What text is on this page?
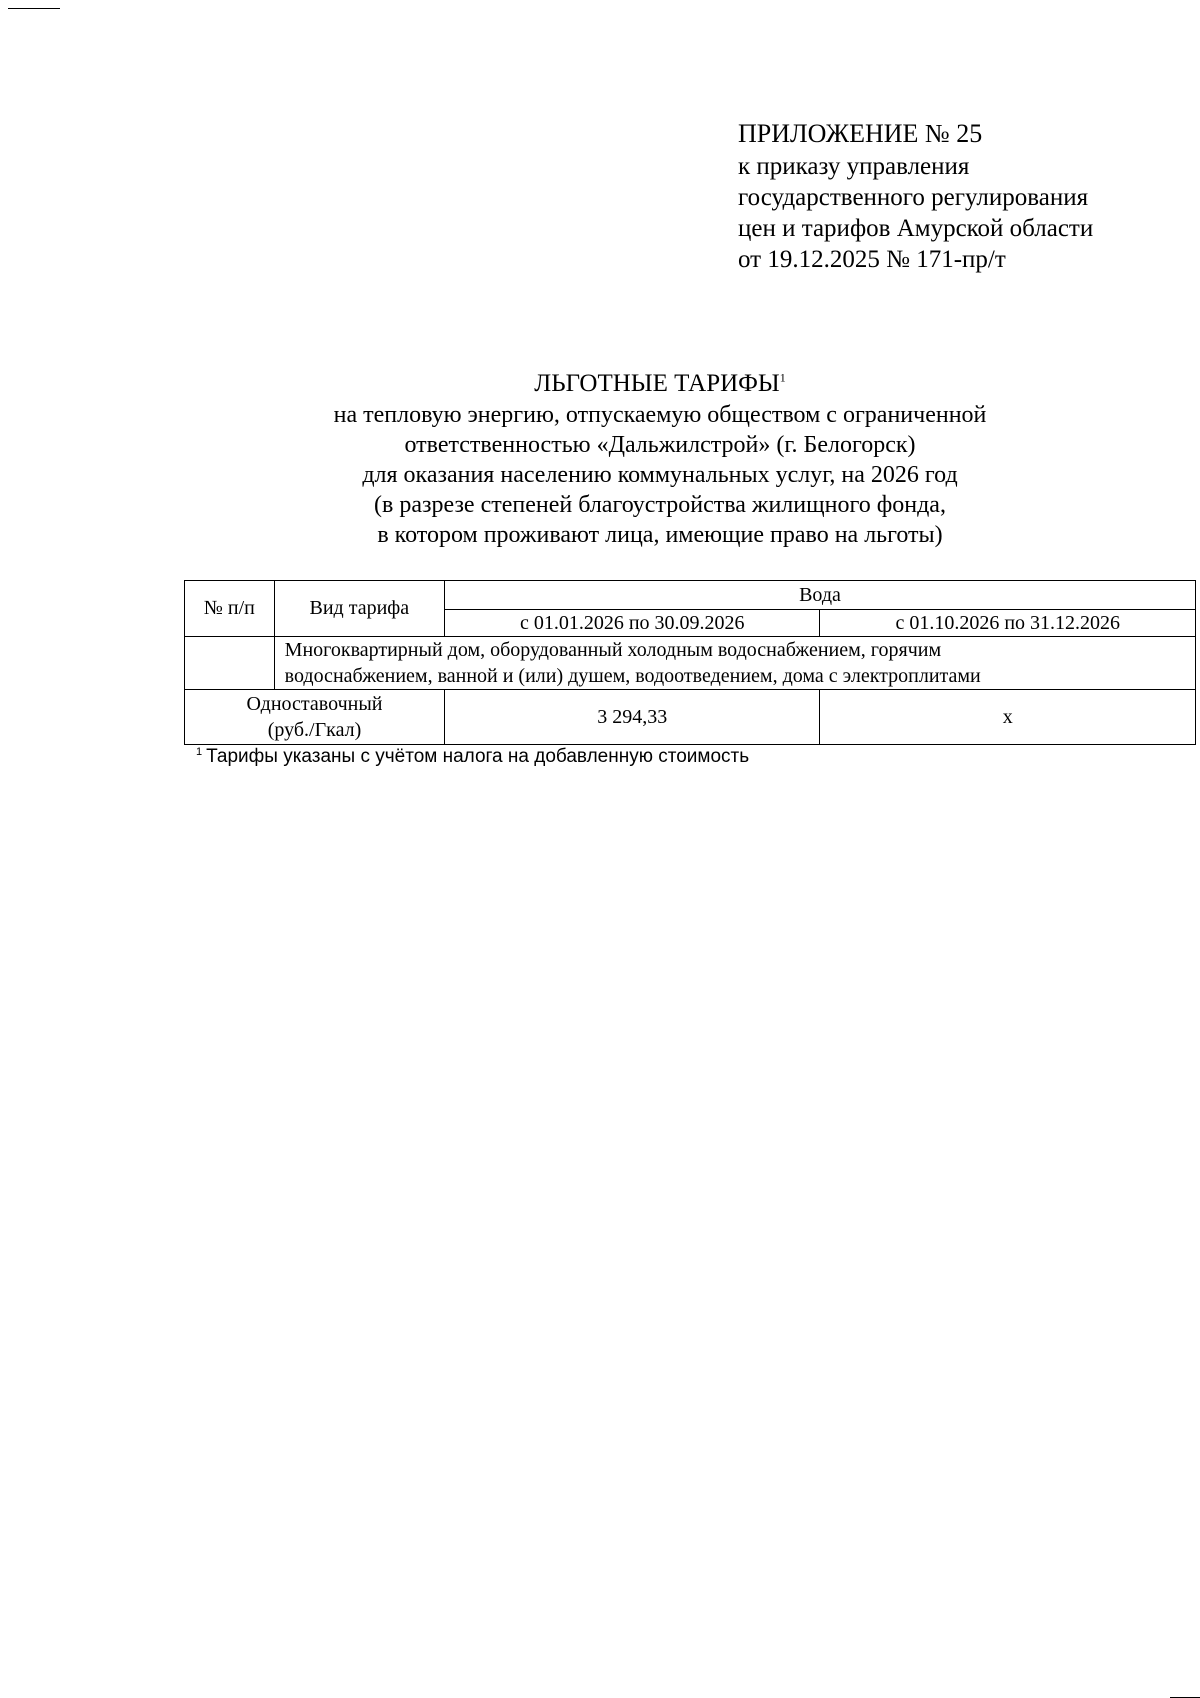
ПРИЛОЖЕНИЕ № 25
к приказу управления
государственного регулирования
цен и тарифов Амурской области
от 19.12.2025 № 171-пр/т
ЛЬГОТНЫЕ ТАРИФЫ$^1$
на тепловую энергию, отпускаемую обществом с ограниченной
ответственностью «Дальжилстрой» (г. Белогорск)
для оказания населению коммунальных услуг, на 2026 год
(в разрезе степеней благоустройства жилищного фонда,
в котором проживают лица, имеющие право на льготы)
№ п/п	Вид тарифа	Вода	
		с 01.01.2026 по 30.09.2026	с 01.10.2026 по 31.12.2026

	Многоквартирный дом, оборудованный холодным водоснабжением, горячим
водоснабжением, ванной и (или) душем, водоотведением, дома с электроплитами		

Одноставочный
(руб./Гкал)		3 294,33	x
$^1$ Тарифы указаны с учётом налога на добавленную стоимость
